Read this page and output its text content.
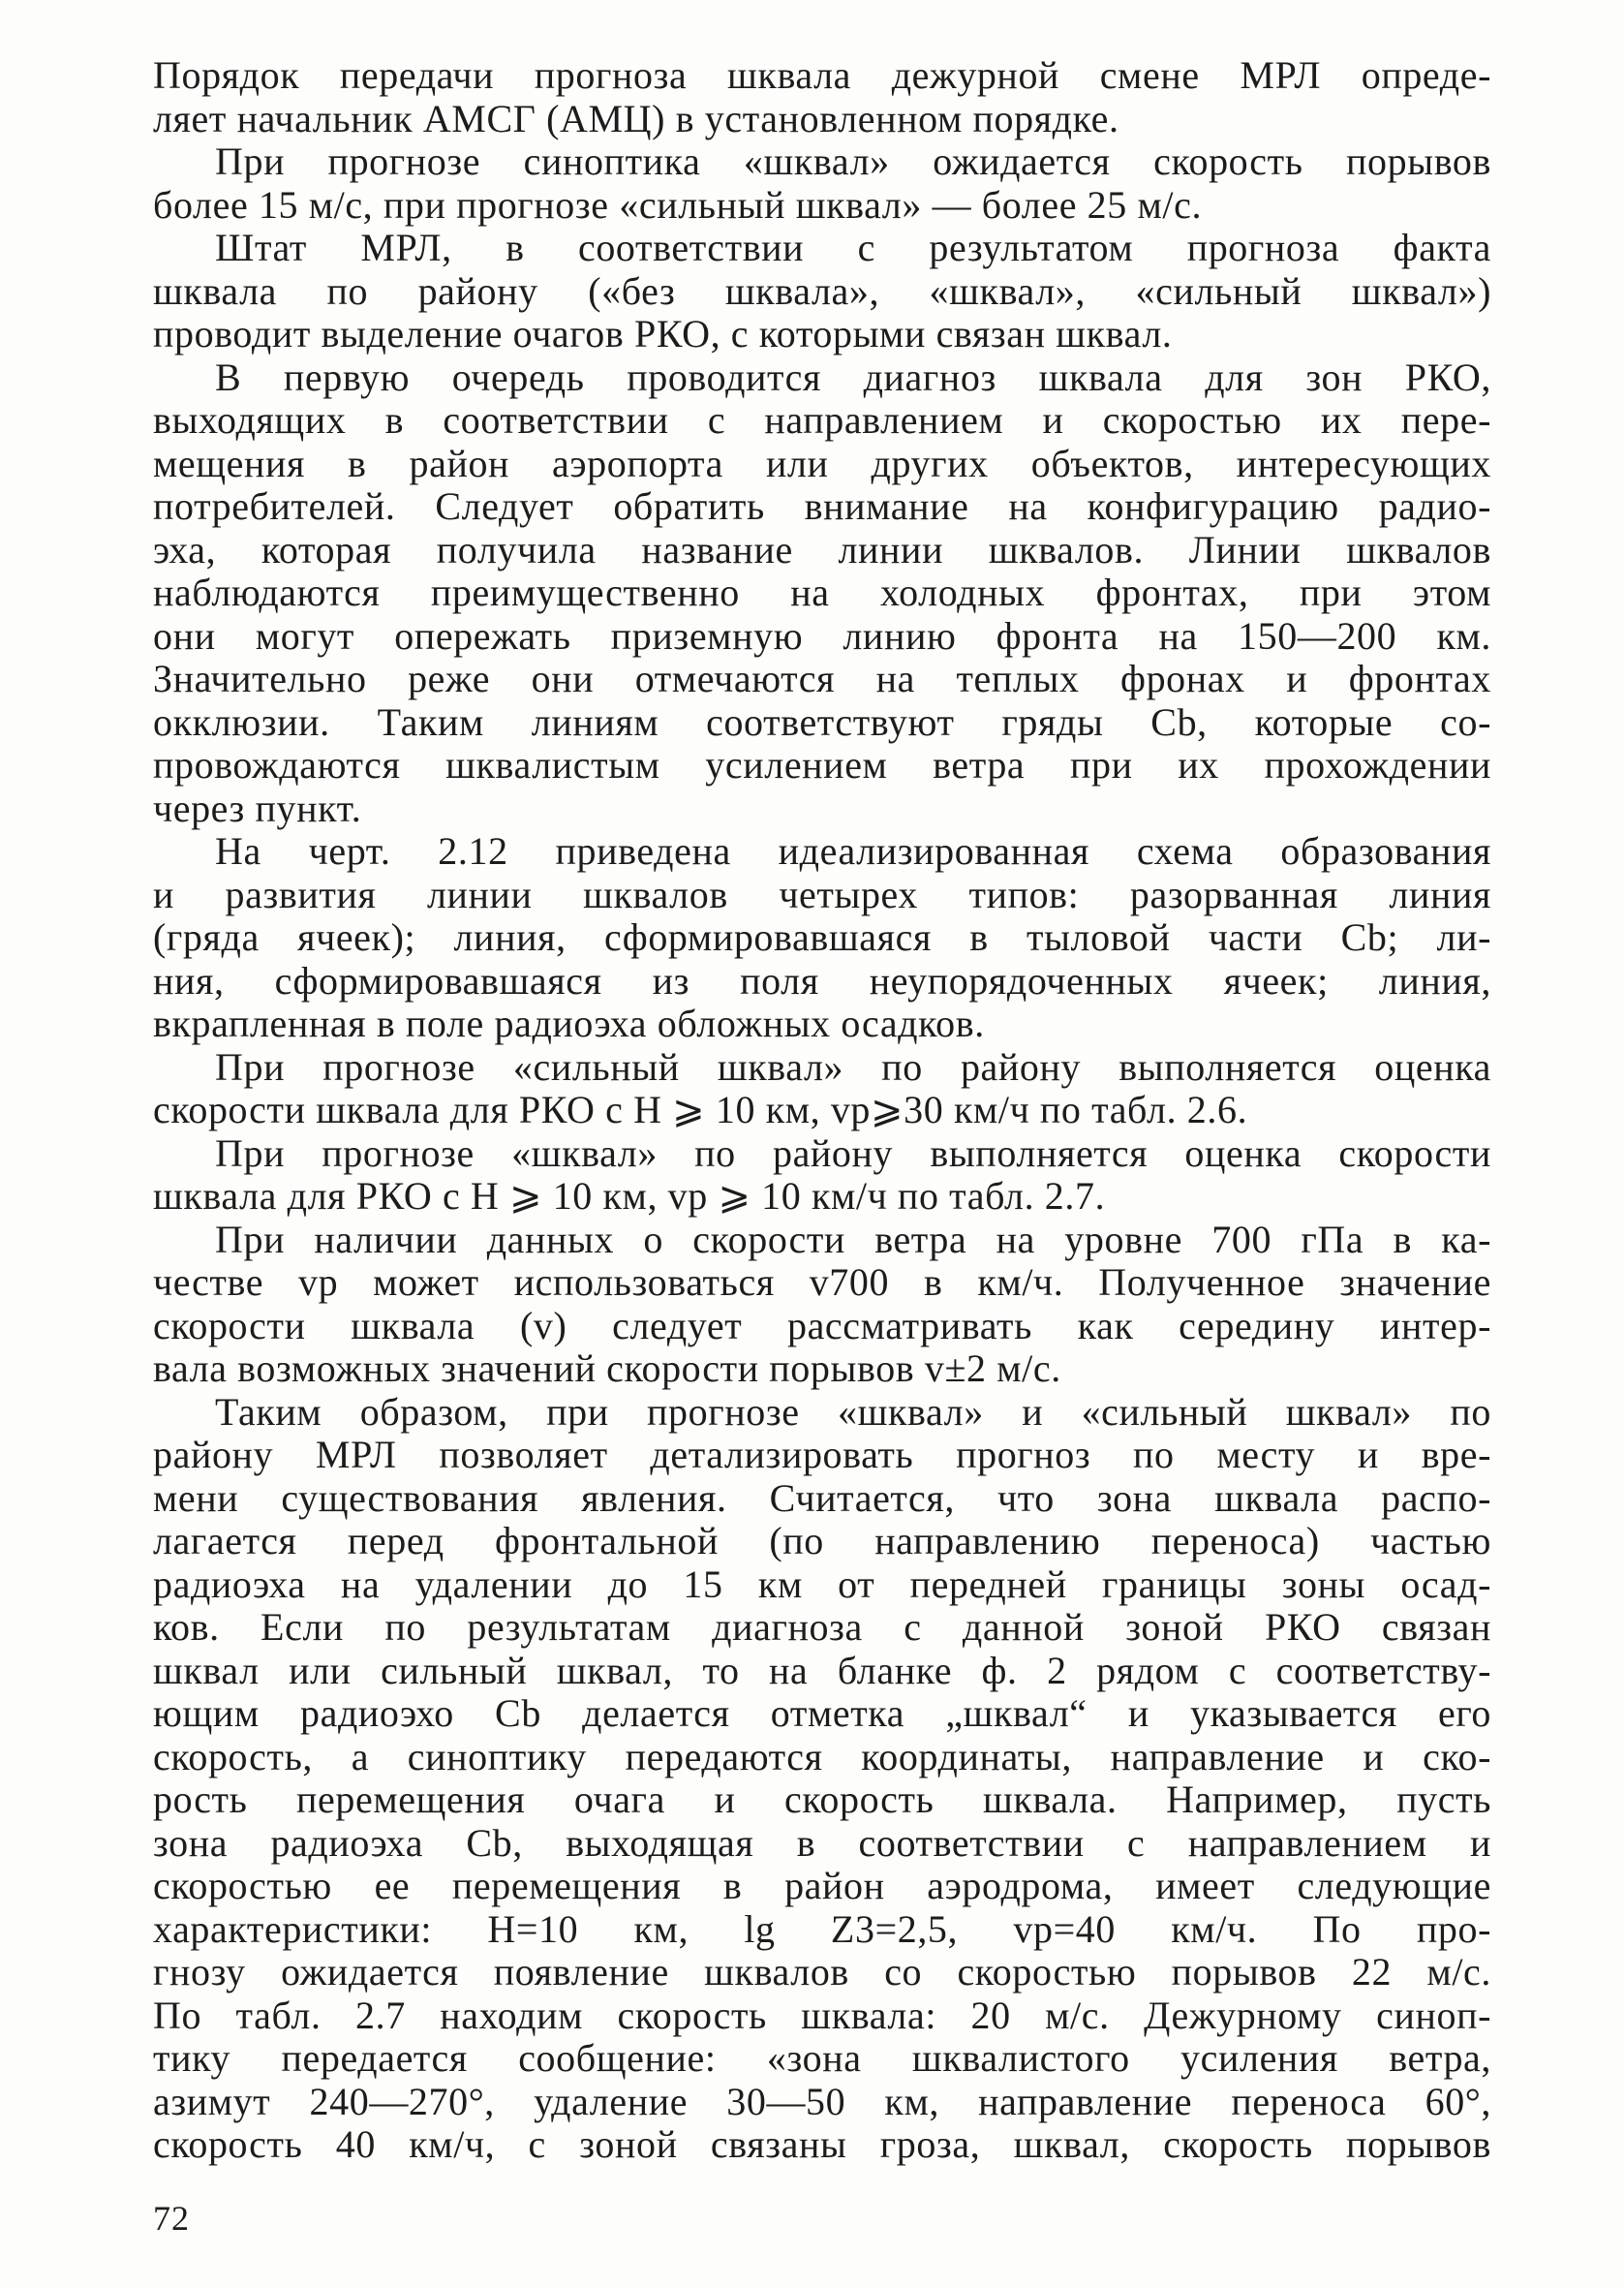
Порядок передачи прогноза шквала дежурной смене МРЛ опреде-
ляет начальник АМСГ (АМЦ) в установленном порядке.
При прогнозе синоптика «шквал» ожидается скорость порывов
более 15 м/с, при прогнозе «сильный шквал» — более 25 м/с.
Штат МРЛ, в соответствии с результатом прогноза факта
шквала по району («без шквала», «шквал», «сильный шквал»)
проводит выделение очагов РКО, с которыми связан шквал.
В первую очередь проводится диагноз шквала для зон РКО,
выходящих в соответствии с направлением и скоростью их пере-
мещения в район аэропорта или других объектов, интересующих
потребителей. Следует обратить внимание на конфигурацию радио-
эха, которая получила название линии шквалов. Линии шквалов
наблюдаются преимущественно на холодных фронтах, при этом
они могут опережать приземную линию фронта на 150—200 км.
Значительно реже они отмечаются на теплых фронах и фронтах
окклюзии. Таким линиям соответствуют гряды Cb, которые со-
провождаются шквалистым усилением ветра при их прохождении
через пункт.
На черт. 2.12 приведена идеализированная схема образования
и развития линии шквалов четырех типов: разорванная линия
(гряда ячеек); линия, сформировавшаяся в тыловой части Cb; ли-
ния, сформировавшаяся из поля неупорядоченных ячеек; линия,
вкрапленная в поле радиоэха обложных осадков.
При прогнозе «сильный шквал» по району выполняется оценка
скорости шквала для РКО с H ⩾ 10 км, vр⩾30 км/ч по табл. 2.6.
При прогнозе «шквал» по району выполняется оценка скорости
шквала для РКО с H ⩾ 10 км, vр ⩾ 10 км/ч по табл. 2.7.
При наличии данных о скорости ветра на уровне 700 гПа в ка-
честве vр может использоваться v700 в км/ч. Полученное значение
скорости шквала (v) следует рассматривать как середину интер-
вала возможных значений скорости порывов v±2 м/с.
Таким образом, при прогнозе «шквал» и «сильный шквал» по
району МРЛ позволяет детализировать прогноз по месту и вре-
мени существования явления. Считается, что зона шквала распо-
лагается перед фронтальной (по направлению переноса) частью
радиоэха на удалении до 15 км от передней границы зоны осад-
ков. Если по результатам диагноза с данной зоной РКО связан
шквал или сильный шквал, то на бланке ф. 2 рядом с соответству-
ющим радиоэхо Cb делается отметка „шквал“ и указывается его
скорость, а синоптику передаются координаты, направление и ско-
рость перемещения очага и скорость шквала. Например, пусть
зона радиоэха Cb, выходящая в соответствии с направлением и
скоростью ее перемещения в район аэродрома, имеет следующие
характеристики: H=10 км, lg Z3=2,5, vр=40 км/ч. По про-
гнозу ожидается появление шквалов со скоростью порывов 22 м/с.
По табл. 2.7 находим скорость шквала: 20 м/с. Дежурному синоп-
тику передается сообщение: «зона шквалистого усиления ветра,
азимут 240—270°, удаление 30—50 км, направление переноса 60°,
скорость 40 км/ч, с зоной связаны гроза, шквал, скорость порывов
72
